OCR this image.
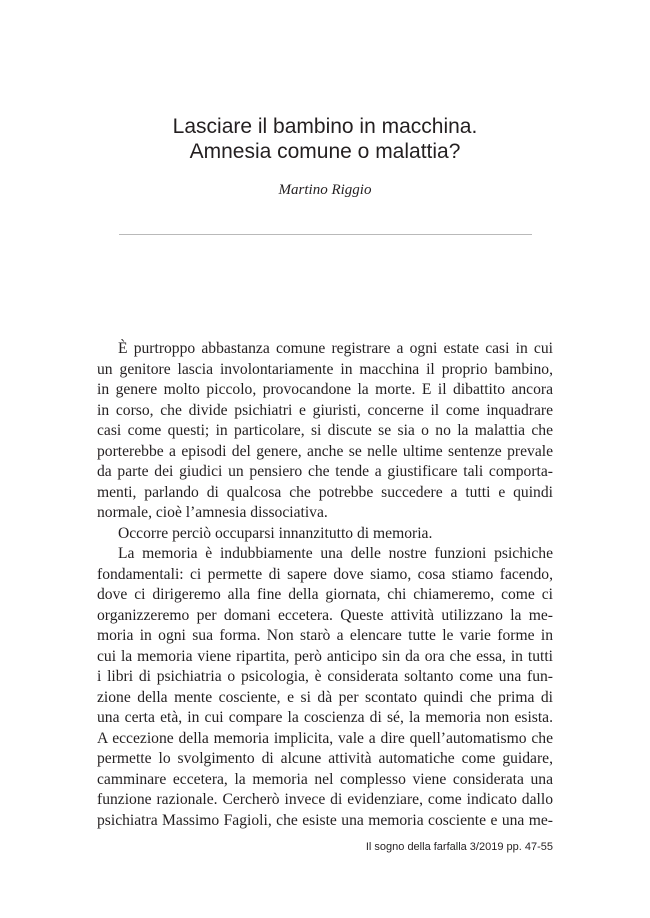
Lasciare il bambino in macchina.
Amnesia comune o malattia?
Martino Riggio
È purtroppo abbastanza comune registrare a ogni estate casi in cui
un genitore lascia involontariamente in macchina il proprio bambino,
in genere molto piccolo, provocandone la morte. E il dibattito ancora
in corso, che divide psichiatri e giuristi, concerne il come inquadrare
casi come questi; in particolare, si discute se sia o no la malattia che
porterebbe a episodi del genere, anche se nelle ultime sentenze prevale
da parte dei giudici un pensiero che tende a giustificare tali comporta-
menti, parlando di qualcosa che potrebbe succedere a tutti e quindi
normale, cioè l’amnesia dissociativa.
Occorre perciò occuparsi innanzitutto di memoria.
La memoria è indubbiamente una delle nostre funzioni psichiche
fondamentali: ci permette di sapere dove siamo, cosa stiamo facendo,
dove ci dirigeremo alla fine della giornata, chi chiameremo, come ci
organizzeremo per domani eccetera. Queste attività utilizzano la me-
moria in ogni sua forma. Non starò a elencare tutte le varie forme in
cui la memoria viene ripartita, però anticipo sin da ora che essa, in tutti
i libri di psichiatria o psicologia, è considerata soltanto come una fun-
zione della mente cosciente, e si dà per scontato quindi che prima di
una certa età, in cui compare la coscienza di sé, la memoria non esista.
A eccezione della memoria implicita, vale a dire quell’automatismo che
permette lo svolgimento di alcune attività automatiche come guidare,
camminare eccetera, la memoria nel complesso viene considerata una
funzione razionale. Cercherò invece di evidenziare, come indicato dallo
psichiatra Massimo Fagioli, che esiste una memoria cosciente e una me-
Il sogno della farfalla 3/2019 pp. 47-55
